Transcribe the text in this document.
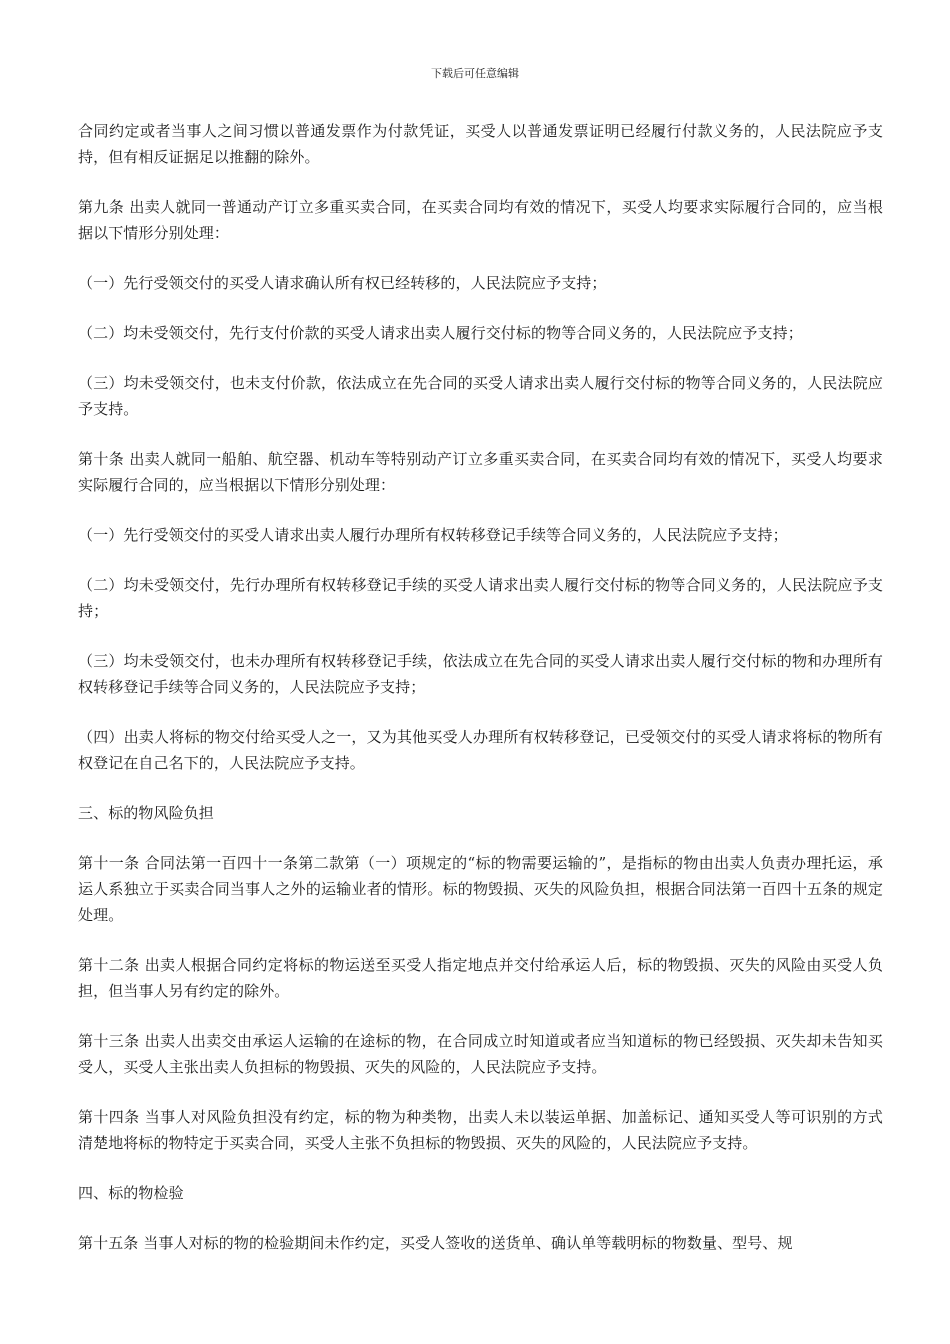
下载后可任意编辑

合同约定或者当事人之间习惯以普通发票作为付款凭证，买受人以普通发票证明已经履行付款义务的，人民法院应予支持，但有相反证据足以推翻的除外。

第九条 出卖人就同一普通动产订立多重买卖合同，在买卖合同均有效的情况下，买受人均要求实际履行合同的，应当根据以下情形分别处理：

（一）先行受领交付的买受人请求确认所有权已经转移的，人民法院应予支持；

（二）均未受领交付，先行支付价款的买受人请求出卖人履行交付标的物等合同义务的，人民法院应予支持；

（三）均未受领交付，也未支付价款，依法成立在先合同的买受人请求出卖人履行交付标的物等合同义务的，人民法院应予支持。

第十条 出卖人就同一船舶、航空器、机动车等特别动产订立多重买卖合同，在买卖合同均有效的情况下，买受人均要求实际履行合同的，应当根据以下情形分别处理：

（一）先行受领交付的买受人请求出卖人履行办理所有权转移登记手续等合同义务的，人民法院应予支持；

（二）均未受领交付，先行办理所有权转移登记手续的买受人请求出卖人履行交付标的物等合同义务的，人民法院应予支持；

（三）均未受领交付，也未办理所有权转移登记手续，依法成立在先合同的买受人请求出卖人履行交付标的物和办理所有权转移登记手续等合同义务的，人民法院应予支持；

（四）出卖人将标的物交付给买受人之一，又为其他买受人办理所有权转移登记，已受领交付的买受人请求将标的物所有权登记在自己名下的，人民法院应予支持。

三、标的物风险负担

第十一条 合同法第一百四十一条第二款第（一）项规定的“标的物需要运输的”，是指标的物由出卖人负责办理托运，承运人系独立于买卖合同当事人之外的运输业者的情形。标的物毁损、灭失的风险负担，根据合同法第一百四十五条的规定处理。

第十二条 出卖人根据合同约定将标的物运送至买受人指定地点并交付给承运人后，标的物毁损、灭失的风险由买受人负担，但当事人另有约定的除外。

第十三条 出卖人出卖交由承运人运输的在途标的物，在合同成立时知道或者应当知道标的物已经毁损、灭失却未告知买受人，买受人主张出卖人负担标的物毁损、灭失的风险的，人民法院应予支持。

第十四条 当事人对风险负担没有约定，标的物为种类物，出卖人未以装运单据、加盖标记、通知买受人等可识别的方式清楚地将标的物特定于买卖合同，买受人主张不负担标的物毁损、灭失的风险的，人民法院应予支持。

四、标的物检验

第十五条 当事人对标的物的检验期间未作约定，买受人签收的送货单、确认单等载明标的物数量、型号、规
